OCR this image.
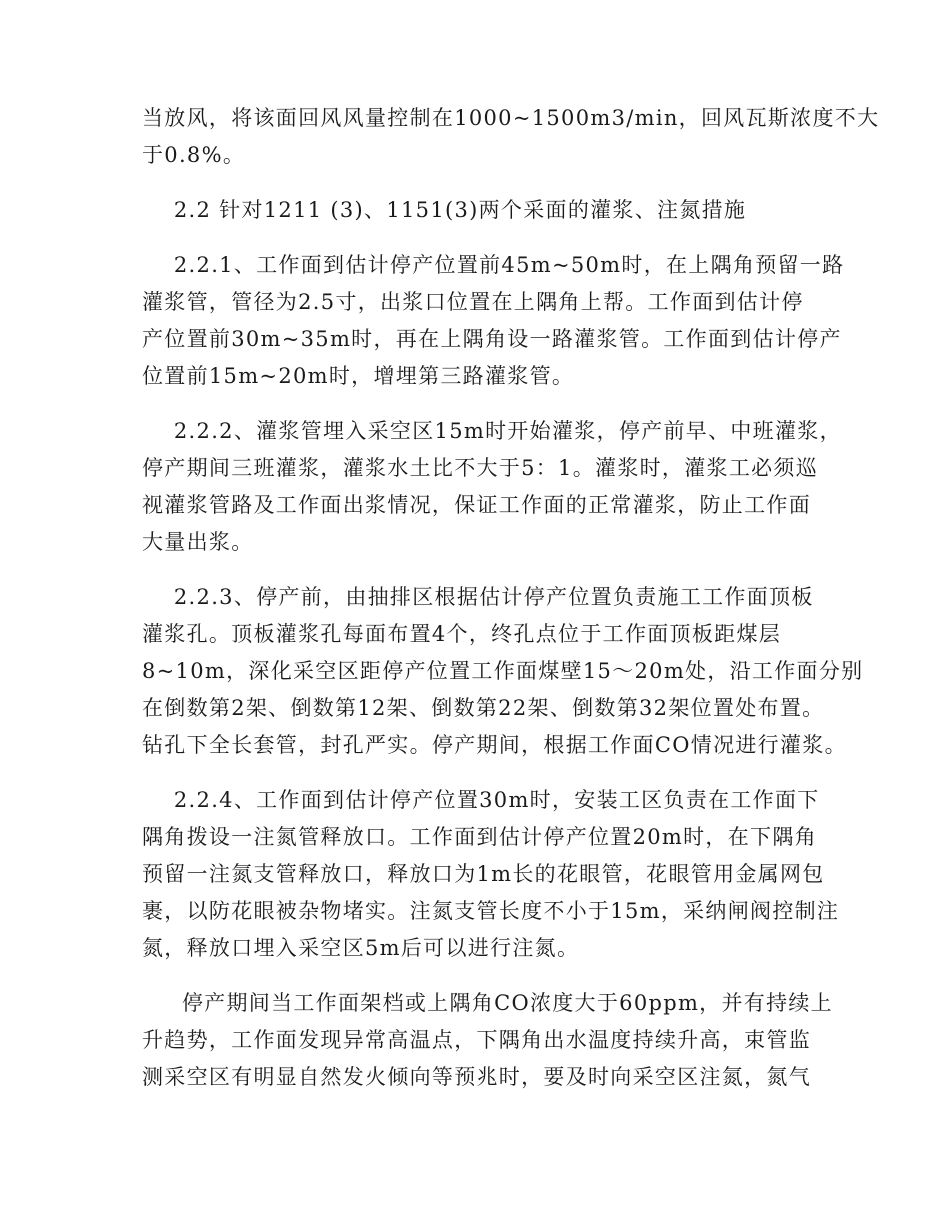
当放风，将该面回风风量控制在1000~1500m3/min，回风瓦斯浓度不大
于0.8%。
2.2 针对1211 (3)、1151(3)两个采面的灌浆、注氮措施
2.2.1、工作面到估计停产位置前45m~50m时，在上隅角预留一路
灌浆管，管径为2.5寸，出浆口位置在上隅角上帮。工作面到估计停
产位置前30m~35m时，再在上隅角设一路灌浆管。工作面到估计停产
位置前15m~20m时，增埋第三路灌浆管。
2.2.2、灌浆管埋入采空区15m时开始灌浆，停产前早、中班灌浆，
停产期间三班灌浆，灌浆水土比不大于5：1。灌浆时，灌浆工必须巡
视灌浆管路及工作面出浆情况，保证工作面的正常灌浆，防止工作面
大量出浆。
2.2.3、停产前，由抽排区根据估计停产位置负责施工工作面顶板
灌浆孔。顶板灌浆孔每面布置4个，终孔点位于工作面顶板距煤层
8~10m，深化采空区距停产位置工作面煤壁15～20m处，沿工作面分别
在倒数第2架、倒数第12架、倒数第22架、倒数第32架位置处布置。
钻孔下全长套管，封孔严实。停产期间，根据工作面CO情况进行灌浆。
2.2.4、工作面到估计停产位置30m时，安装工区负责在工作面下
隅角拨设一注氮管释放口。工作面到估计停产位置20m时，在下隅角
预留一注氮支管释放口，释放口为1m长的花眼管，花眼管用金属网包
裹，以防花眼被杂物堵实。注氮支管长度不小于15m，采纳闸阀控制注
氮，释放口埋入采空区5m后可以进行注氮。
停产期间当工作面架档或上隅角CO浓度大于60ppm，并有持续上
升趋势，工作面发现异常高温点，下隅角出水温度持续升高，束管监
测采空区有明显自然发火倾向等预兆时，要及时向采空区注氮，氮气
